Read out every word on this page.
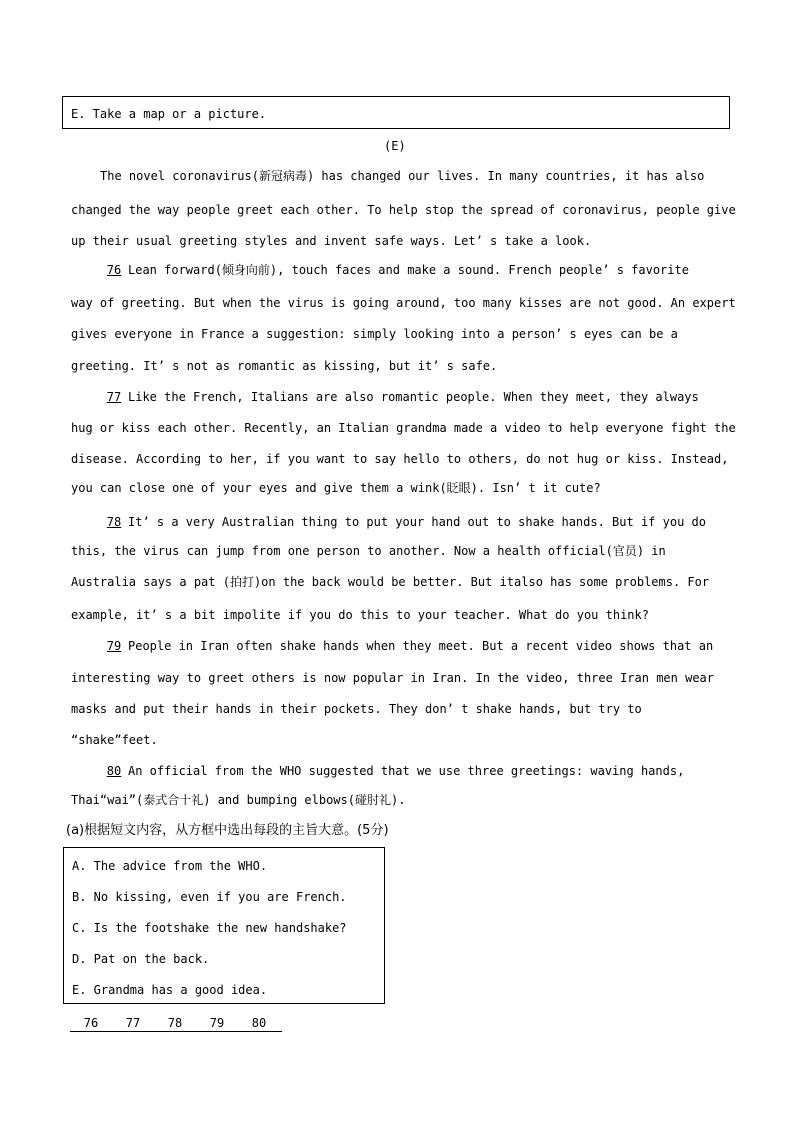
E. Take a map or a picture.
(E)
The novel coronavirus(新冠病毒) has changed our lives. In many countries, it has also
changed the way people greet each other. To help stop the spread of coronavirus, people give
up their usual greeting styles and invent safe ways. Let’ s take a look.
76 Lean forward(倾身向前), touch faces and make a sound. French people’ s favorite
way of greeting. But when the virus is going around, too many kisses are not good. An expert
gives everyone in France a suggestion: simply looking into a person’ s eyes can be a
greeting. It’ s not as romantic as kissing, but it’ s safe.
77 Like the French, Italians are also romantic people. When they meet, they always
hug or kiss each other. Recently, an Italian grandma made a video to help everyone fight the
disease. According to her, if you want to say hello to others, do not hug or kiss. Instead,
you can close one of your eyes and give them a wink(眨眼). Isn’ t it cute?
78 It’ s a very Australian thing to put your hand out to shake hands. But if you do
this, the virus can jump from one person to another. Now a health official(官员) in
Australia says a pat (拍打)on the back would be better. But italso has some problems. For
example, it’ s a bit impolite if you do this to your teacher. What do you think?
79 People in Iran often shake hands when they meet. But a recent video shows that an
interesting way to greet others is now popular in Iran. In the video, three Iran men wear
masks and put their hands in their pockets. They don’ t shake hands, but try to
“shake”feet.
80 An official from the WHO suggested that we use three greetings: waving hands,
Thai“wai”(泰式合十礼) and bumping elbows(碰肘礼).
(a)根据短文内容，从方框中选出每段的主旨大意。(5分)
A. The advice from the WHO.
B. No kissing, even if you are French.
C. Is the footshake the new handshake?
D. Pat on the back.
E. Grandma has a good idea.
76 77 78 79 80
